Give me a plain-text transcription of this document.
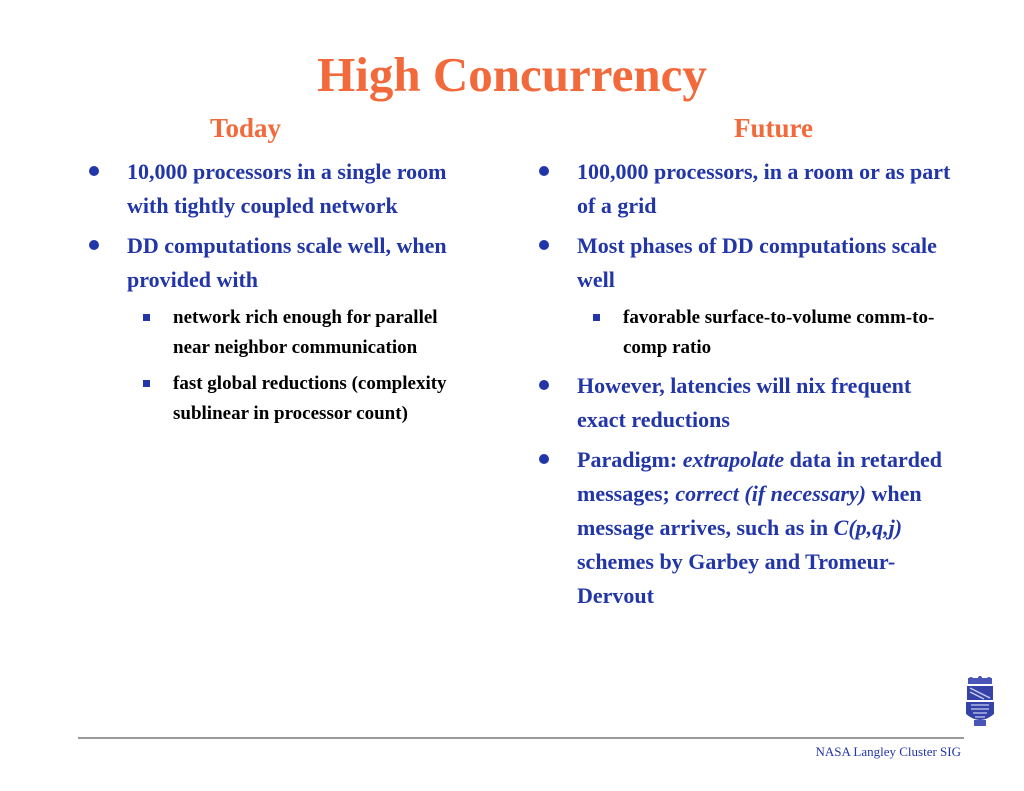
High Concurrency
Today	Future
10,000 processors in a single room with tightly coupled network
DD computations scale well, when provided with
network rich enough for parallel near neighbor communication
fast global reductions (complexity sublinear in processor count)
100,000 processors, in a room or as part of a grid
Most phases of DD computations scale well
favorable surface-to-volume comm-to-comp ratio
However, latencies will nix frequent exact reductions
Paradigm: extrapolate data in retarded messages; correct (if necessary) when message arrives, such as in C(p,q,j) schemes by Garbey and Tromeur-Dervout
NASA Langley Cluster SIG
